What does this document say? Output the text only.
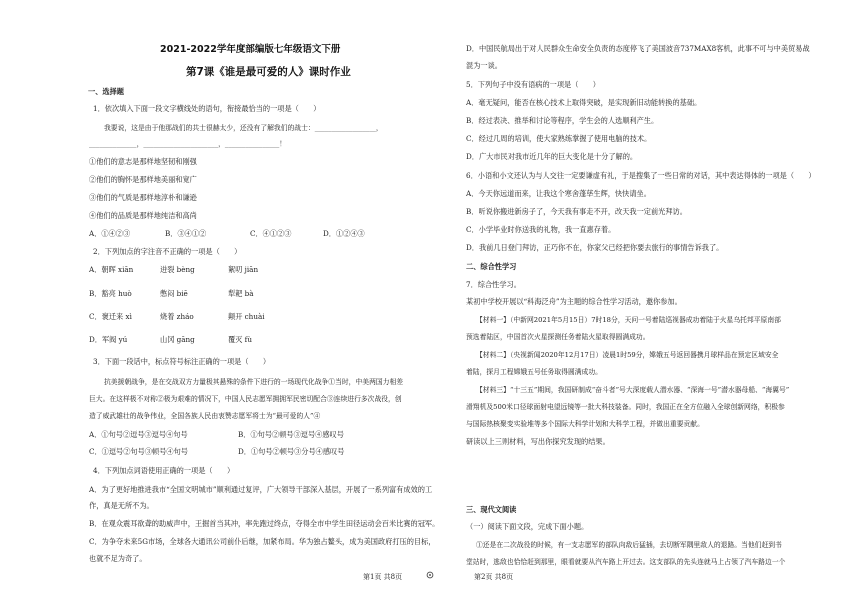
2021-2022学年度部编版七年级语文下册
第7课《谁是最可爱的人》课时作业
一、选择题
1．依次填入下面一段文字横线处的语句，衔接最恰当的一项是（　　）
我要说，这是由于他那战们的共士很赫太少，还没有了解我们的战士：__________________，
______________，______________________，________________！
①他们的意志是那样地坚韧和刚强
②他们的胸怀是那样地美丽和宽广
③他们的气质是那样地淳朴和谦逊
④他们的品质是那样地纯洁和高尚
A．①④②③	B．③④①②	C．④①②③	D．①②④③
2．下列加点的字注音不正确的一项是（　　）
A．朝晖 xiān	迸裂 bèng	絮叨 jiān
B．豁亮 huò	憋闷 biē	犁耙 bà
C．褒迁来 xì	烧着 zháo	颠开 chuài
D．军阀 yú	山冈 gāng	覆灭 fù
3．下面一段话中，标点符号标注正确的一项是（　　）
抗美援朝战争，是在交战双方力量极其悬殊的条件下进行的一场现代化战争①当时，中美两国力相差
巨大。在这样极不对称②极为艰难的情况下，中国人民志愿军拥拥军民密切配合③连续进行多次战役，创
造了威武雄壮的战争伟业，全国各族人民由衷赞志愿军将士为“最可爱的人”④
A．①句号②逗号③逗号④句号	B．①句号②顿号③逗号④感叹号
C．①逗号②句号③顿号④句号	D．①句号②顿号③分号④感叹号
4．下列加点词语使用正确的一项是（　　）
A．为了更好地推进我市“全国文明城市”顺利通过复评，广大领导干部深入基层，开展了一系列富有成效的工
作，真是无所不为。
B．在观众震耳欲聋的助威声中，王掘首当其冲，率先跑过终点，夺得全市中学生田径运动会百米比赛的冠军。
C．为争夺未来5G市场，全球各大通讯公司前仆后继，加紧布局。华为独占鳌头，成为美国政府打压的目标，
也就不足为奇了。
第1页 共8页
D．中国民航局出于对人民群众生命安全负责的态度停飞了美国波音737MAX8客机，此事不可与中美贸易战
混为一谈。
5．下列句子中没有语病的一项是（　　）
A．毫无疑问，能否在核心技术上取得突破，是实现新旧动能转换的基础。
B．经过表决、推举和讨论等程序，学生会的人选顺利产生。
C．经过几周的培训，使大家熟练掌握了使用电脑的技术。
D．广大市民对我市近几年的巨大变化是十分了解的。
6．小语和小文还认为与人交往一定要谦虚有礼，于是搜集了一些日常的对话，其中表达得体的一项是（　　）
A．今天你远道而来，让我这个寒舍蓬荜生辉，快快请坐。
B．听说你搬进新房子了，今天我有事走不开，改天我一定前光拜访。
C．小学毕业时你送我的礼物，我一直惠存着。
D．我前几日登门拜访，正巧你不在，你家父已经把你要去旅行的事情告诉我了。
二、综合性学习
7．综合性学习。
某初中学校开展以“科海泛舟”为主题的综合性学习活动，邀你参加。
【材料一】（中新网2021年5月15日）7时18分，天问一号着陆巡视器成功着陆于火星乌托邦平原南部
预选着陆区，中国首次火星探测任务着陆火星取得圆满成功。
【材料二】（央视新闻2020年12月17日）凌晨1时59分，嫦娥五号返回器携月球样品在预定区域安全
着陆，探月工程嫦娥五号任务取得圆满成功。
【材料三】“十三五”期间，我国研制成“奋斗者”号大深度载人潜水器、“深海一号”潜水器母船、“海翼号”
滑翔机及500米口径球面射电望远镜等一批大科技装备。同时，我国正在全方位融入全球创新网络，积极参
与国际热核聚变实验堆等多个国际大科学计划和大科学工程，并做出重要贡献。
研读以上三则材料，写出你探究发现的结果。
三、现代文阅读
（一）阅读下面文段，完成下面小题。
①还是在二次战役的时候，有一支志愿军的部队向敌后猛插，去切断军隅里敌人的退路。当他们赶到书
堂站时，逃敌也恰恰赶到那里，眼看就要从汽车路上开过去。这支部队的先头连就马上占领了汽车路边一个
第2页 共8页
